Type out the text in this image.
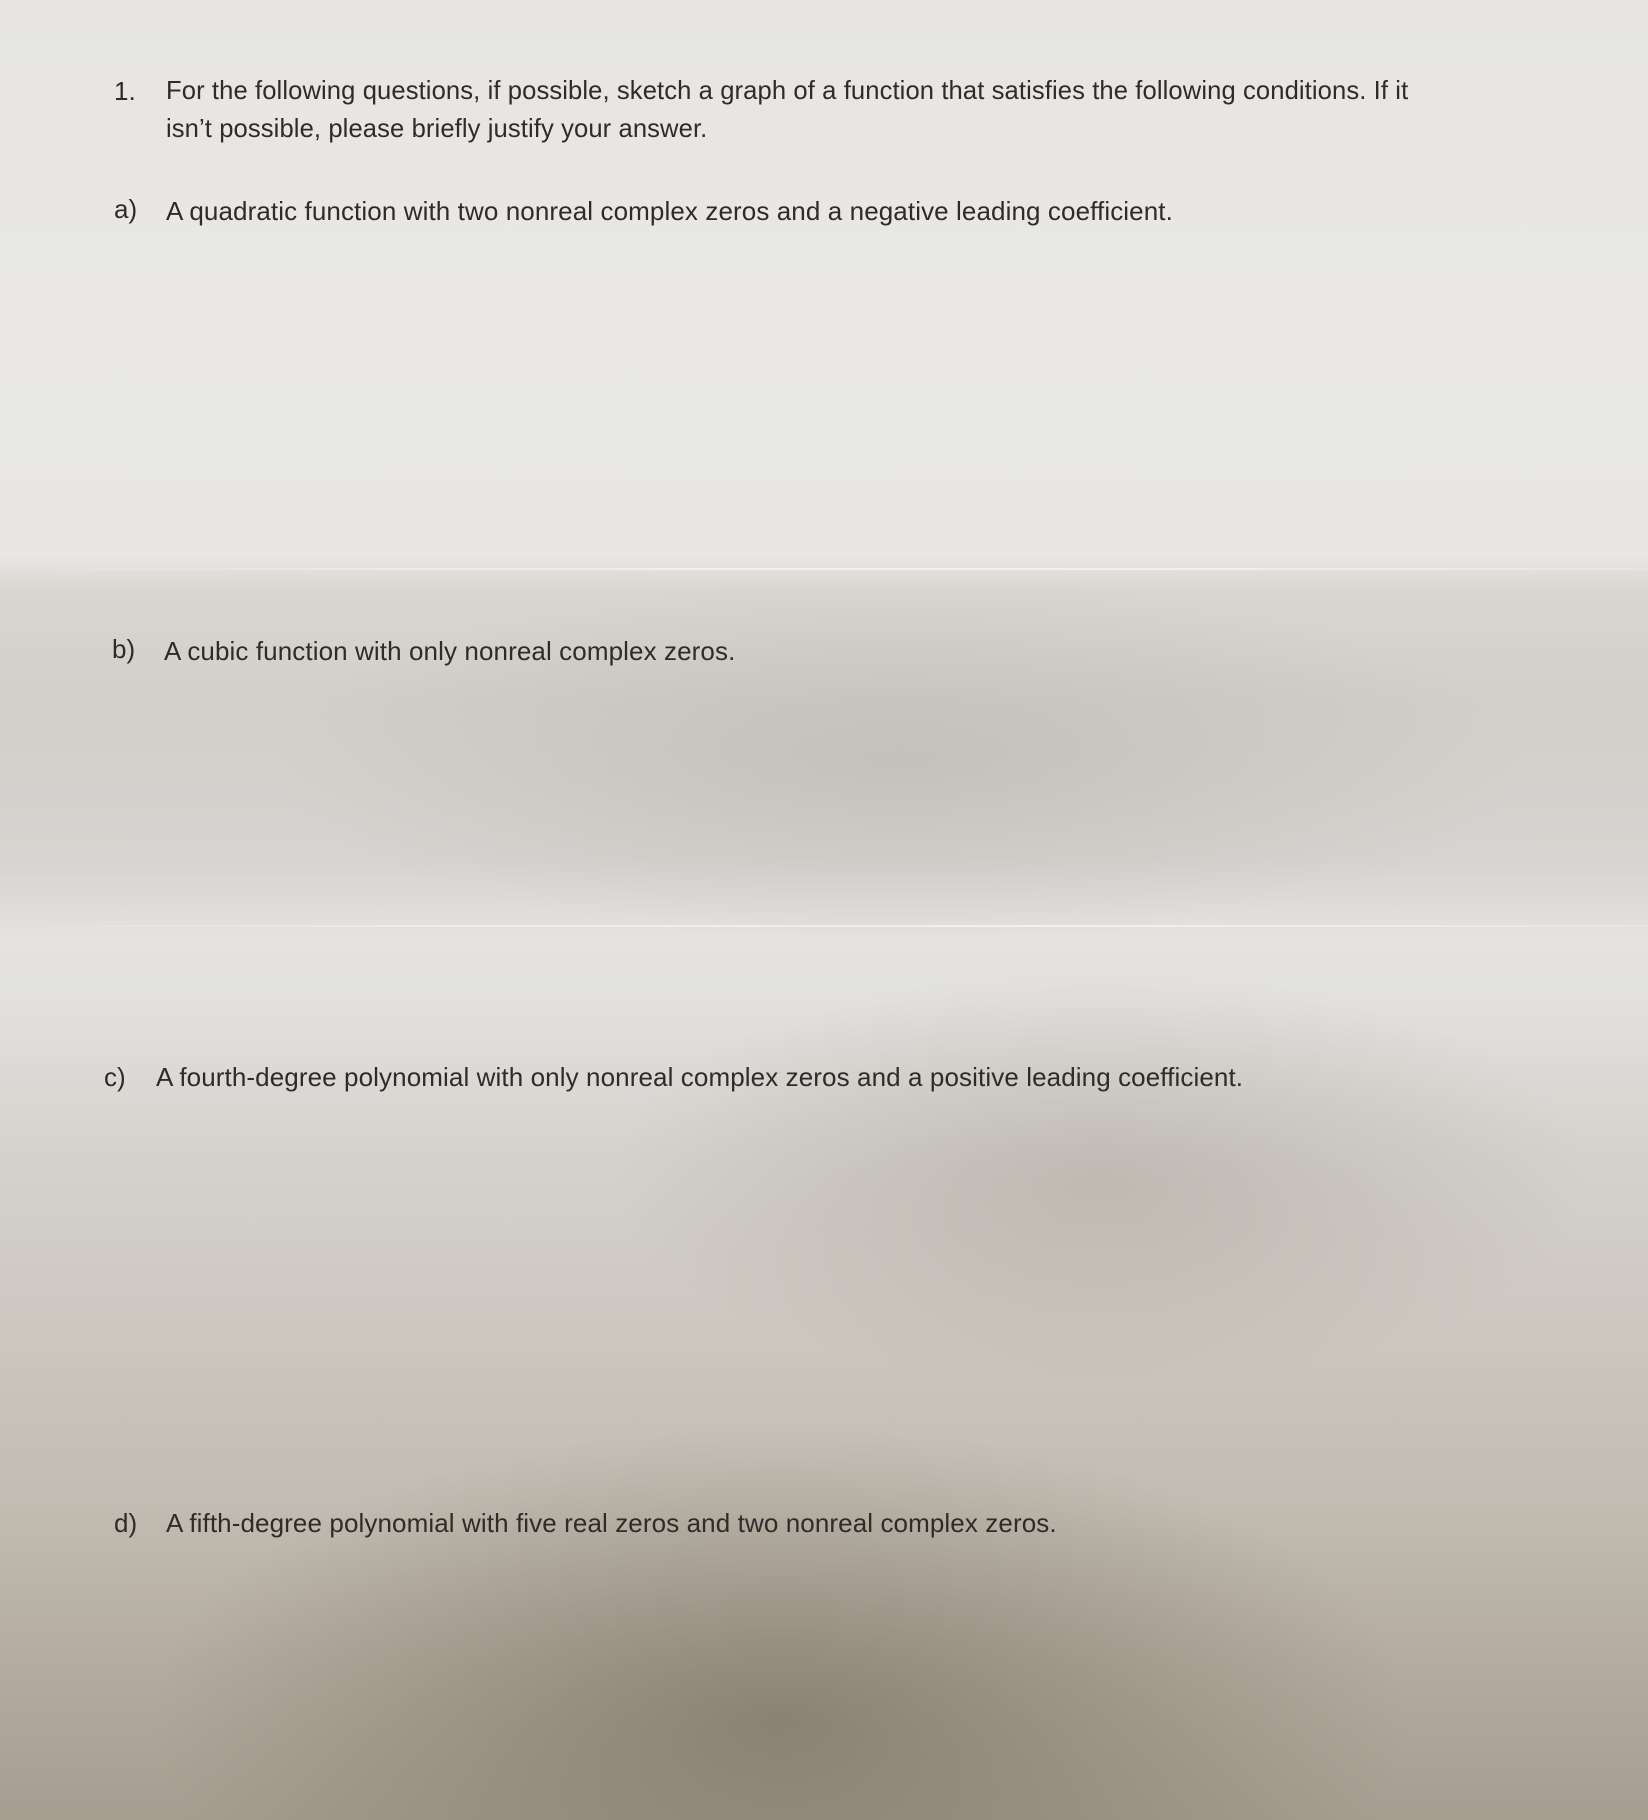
1. For the following questions, if possible, sketch a graph of a function that satisfies the following conditions. If it
isn’t possible, please briefly justify your answer.
a) A quadratic function with two nonreal complex zeros and a negative leading coefficient.
b) A cubic function with only nonreal complex zeros.
c) A fourth-degree polynomial with only nonreal complex zeros and a positive leading coefficient.
d) A fifth-degree polynomial with five real zeros and two nonreal complex zeros.
